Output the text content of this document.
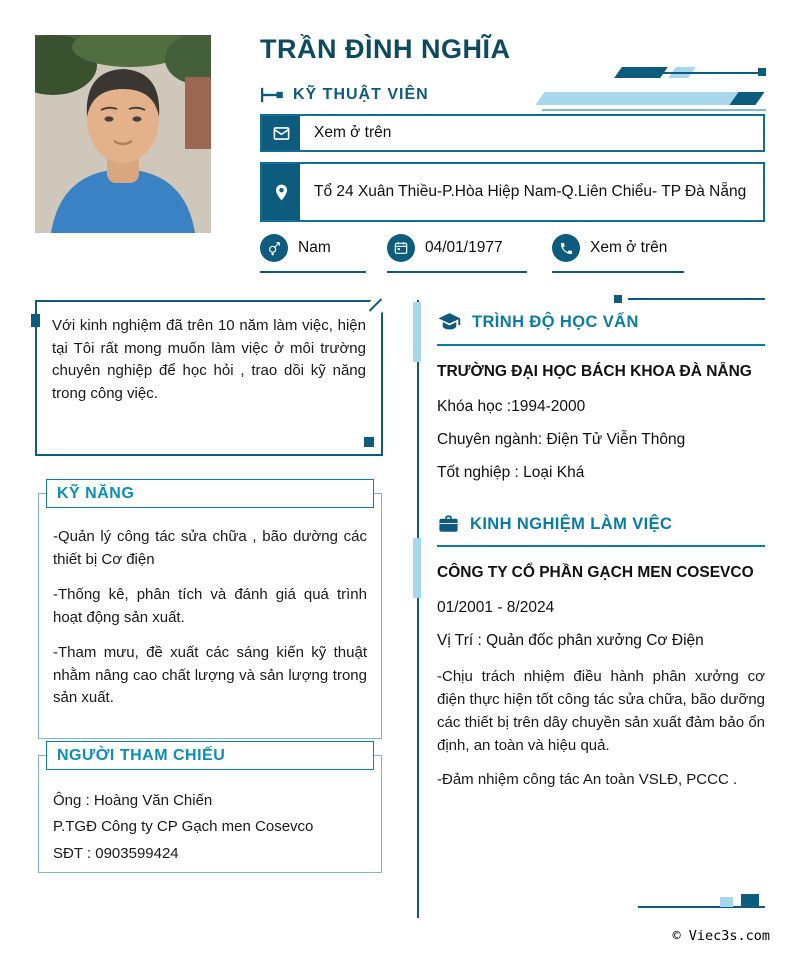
TRẦN ĐÌNH NGHĨA
KỸ THUẬT VIÊN
Xem ở trên
Tổ 24 Xuân Thiều-P.Hòa Hiệp Nam-Q.Liên Chiểu- TP Đà Nẵng
Nam	04/01/1977	Xem ở trên
Với kinh nghiệm đã trên 10 năm làm việc, hiện tại Tôi rất mong muốn làm việc ở môi trường chuyên nghiệp để học hỏi , trao dồi kỹ năng trong công việc.
KỸ NĂNG

-Quản lý công tác sửa chữa , bão dường các thiết bị Cơ điện

-Thống kê, phân tích và đánh giá quá trình hoạt động sản xuất.

-Tham mưu, đề xuất các sáng kiến kỹ thuật nhằm nâng cao chất lượng và sản lượng trong sản xuất.

NGƯỜI THAM CHIẾU

Ông : Hoàng Văn Chiến

P.TGĐ Công ty CP Gạch men Cosevco

SĐT : 0903599424

TRÌNH ĐỘ HỌC VẤN
TRƯỜNG ĐẠI HỌC BÁCH KHOA ĐÀ NẴNG
Khóa học :1994-2000
Chuyên ngành: Điện Tử Viễn Thông
Tốt nghiệp : Loại Khá
KINH NGHIỆM LÀM VIỆC
CÔNG TY CỔ PHẦN GẠCH MEN COSEVCO
01/2001 - 8/2024
Vị Trí : Quản đốc phân xưởng Cơ Điện

-Chịu trách nhiệm điều hành phân xưởng cơ điện thực hiện tốt công tác sửa chữa, bão dưỡng các thiết bị trên dây chuyền sản xuất đảm bảo ổn định, an toàn và hiệu quả.

-Đảm nhiệm công tác An toàn VSLĐ, PCCC .

© Viec3s.com
